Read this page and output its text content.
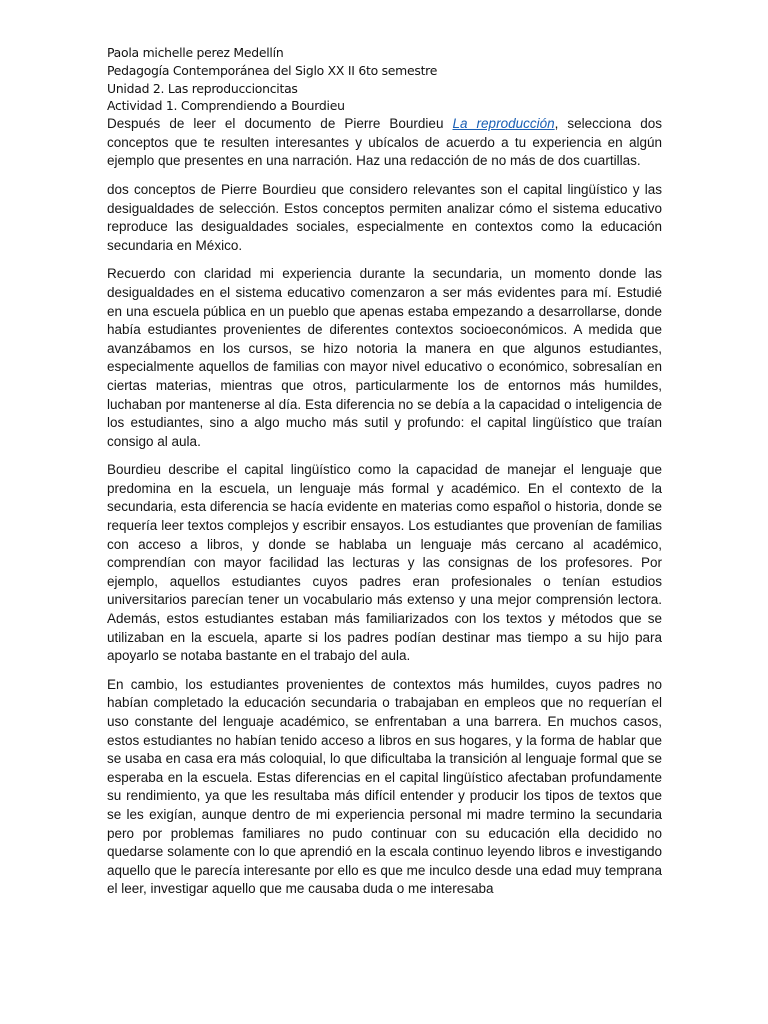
Paola michelle perez Medellín
Pedagogía Contemporánea del Siglo XX II 6to semestre
Unidad 2. Las reproduccioncitas
Actividad 1. Comprendiendo a Bourdieu

Después de leer el documento de Pierre Bourdieu La reproducción, selecciona dos conceptos que te resulten interesantes y ubícalos de acuerdo a tu experiencia en algún ejemplo que presentes en una narración. Haz una redacción de no más de dos cuartillas.

dos conceptos de Pierre Bourdieu que considero relevantes son el capital lingüístico y las desigualdades de selección. Estos conceptos permiten analizar cómo el sistema educativo reproduce las desigualdades sociales, especialmente en contextos como la educación secundaria en México.

Recuerdo con claridad mi experiencia durante la secundaria, un momento donde las desigualdades en el sistema educativo comenzaron a ser más evidentes para mí. Estudié en una escuela pública en un pueblo que apenas estaba empezando a desarrollarse, donde había estudiantes provenientes de diferentes contextos socioeconómicos. A medida que avanzábamos en los cursos, se hizo notoria la manera en que algunos estudiantes, especialmente aquellos de familias con mayor nivel educativo o económico, sobresalían en ciertas materias, mientras que otros, particularmente los de entornos más humildes, luchaban por mantenerse al día. Esta diferencia no se debía a la capacidad o inteligencia de los estudiantes, sino a algo mucho más sutil y profundo: el capital lingüístico que traían consigo al aula.

Bourdieu describe el capital lingüístico como la capacidad de manejar el lenguaje que predomina en la escuela, un lenguaje más formal y académico. En el contexto de la secundaria, esta diferencia se hacía evidente en materias como español o historia, donde se requería leer textos complejos y escribir ensayos. Los estudiantes que provenían de familias con acceso a libros, y donde se hablaba un lenguaje más cercano al académico, comprendían con mayor facilidad las lecturas y las consignas de los profesores. Por ejemplo, aquellos estudiantes cuyos padres eran profesionales o tenían estudios universitarios parecían tener un vocabulario más extenso y una mejor comprensión lectora. Además, estos estudiantes estaban más familiarizados con los textos y métodos que se utilizaban en la escuela, aparte si los padres podían destinar mas tiempo a su hijo para apoyarlo se notaba bastante en el trabajo del aula.

En cambio, los estudiantes provenientes de contextos más humildes, cuyos padres no habían completado la educación secundaria o trabajaban en empleos que no requerían el uso constante del lenguaje académico, se enfrentaban a una barrera. En muchos casos, estos estudiantes no habían tenido acceso a libros en sus hogares, y la forma de hablar que se usaba en casa era más coloquial, lo que dificultaba la transición al lenguaje formal que se esperaba en la escuela. Estas diferencias en el capital lingüístico afectaban profundamente su rendimiento, ya que les resultaba más difícil entender y producir los tipos de textos que se les exigían, aunque dentro de mi experiencia personal mi madre termino la secundaria pero por problemas familiares no pudo continuar con su educación ella decidido no quedarse solamente con lo que aprendió en la escala continuo leyendo libros e investigando aquello que le parecía interesante por ello es que me inculco desde una edad muy temprana el leer, investigar aquello que me causaba duda o me interesaba
